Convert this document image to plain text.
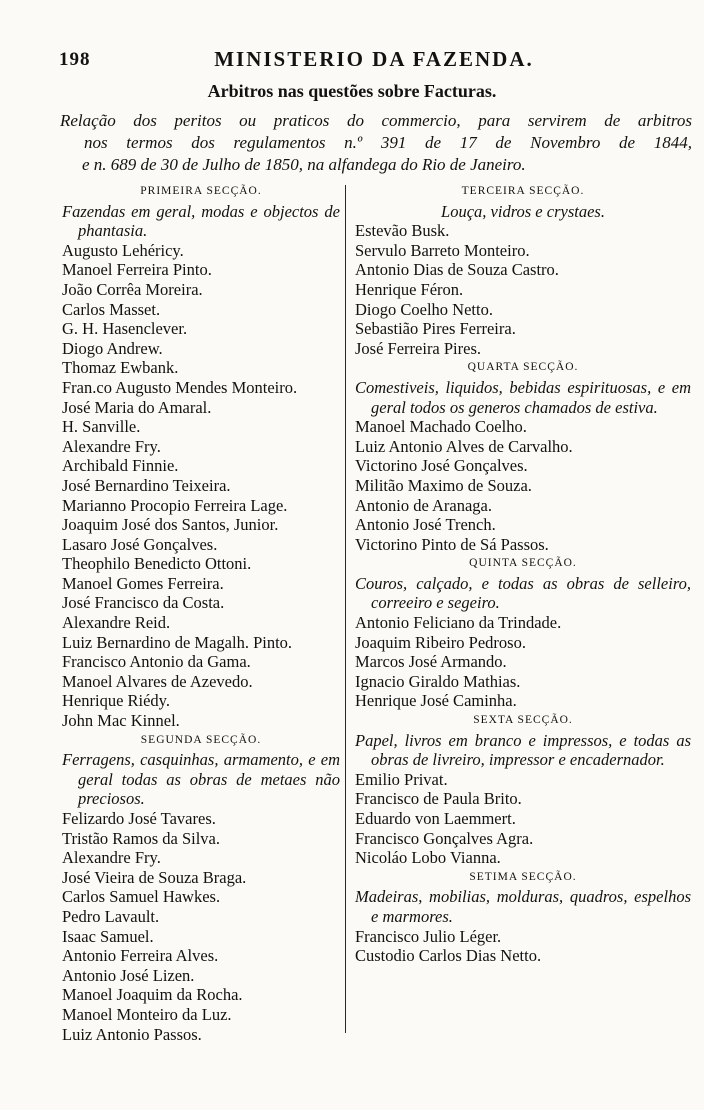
198	MINISTERIO DA FAZENDA.
Arbitros nas questões sobre Facturas.

Relação dos peritos ou praticos do commercio, para servirem de arbitros

nos termos dos regulamentos n.º 391 de 17 de Novembro de 1844,

e n. 689 de 30 de Julho de 1850, na alfandega do Rio de Janeiro.

PRIMEIRA SECÇÃO.
Fazendas em geral, modas e objectos de phantasia.
Augusto Lehéricy.
Manoel Ferreira Pinto.
João Corrêa Moreira.
Carlos Masset.
G. H. Hasenclever.
Diogo Andrew.
Thomaz Ewbank.
Fran.co Augusto Mendes Monteiro.
José Maria do Amaral.
H. Sanville.
Alexandre Fry.
Archibald Finnie.
José Bernardino Teixeira.
Marianno Procopio Ferreira Lage.
Joaquim José dos Santos, Junior.
Lasaro José Gonçalves.
Theophilo Benedicto Ottoni.
Manoel Gomes Ferreira.
José Francisco da Costa.
Alexandre Reid.
Luiz Bernardino de Magalh. Pinto.
Francisco Antonio da Gama.
Manoel Alvares de Azevedo.
Henrique Riédy.
John Mac Kinnel.
SEGUNDA SECÇÃO.
Ferragens, casquinhas, armamento, e em geral todas as obras de metaes não preciosos.
Felizardo José Tavares.
Tristão Ramos da Silva.
Alexandre Fry.
José Vieira de Souza Braga.
Carlos Samuel Hawkes.
Pedro Lavault.
Isaac Samuel.
Antonio Ferreira Alves.
Antonio José Lizen.
Manoel Joaquim da Rocha.
Manoel Monteiro da Luz.
Luiz Antonio Passos.
TERCEIRA SECÇÃO.
Louça, vidros e crystaes.
Estevão Busk.
Servulo Barreto Monteiro.
Antonio Dias de Souza Castro.
Henrique Féron.
Diogo Coelho Netto.
Sebastião Pires Ferreira.
José Ferreira Pires.
QUARTA SECÇÃO.
Comestiveis, liquidos, bebidas espirituosas, e em geral todos os generos chamados de estiva.
Manoel Machado Coelho.
Luiz Antonio Alves de Carvalho.
Victorino José Gonçalves.
Militão Maximo de Souza.
Antonio de Aranaga.
Antonio José Trench.
Victorino Pinto de Sá Passos.
QUINTA SECÇÃO.
Couros, calçado, e todas as obras de selleiro, correeiro e segeiro.
Antonio Feliciano da Trindade.
Joaquim Ribeiro Pedroso.
Marcos José Armando.
Ignacio Giraldo Mathias.
Henrique José Caminha.
SEXTA SECÇÃO.
Papel, livros em branco e impressos, e todas as obras de livreiro, impressor e encadernador.
Emilio Privat.
Francisco de Paula Brito.
Eduardo von Laemmert.
Francisco Gonçalves Agra.
Nicoláo Lobo Vianna.
SETIMA SECÇÃO.
Madeiras, mobilias, molduras, quadros, espelhos e marmores.
Francisco Julio Léger.
Custodio Carlos Dias Netto.
